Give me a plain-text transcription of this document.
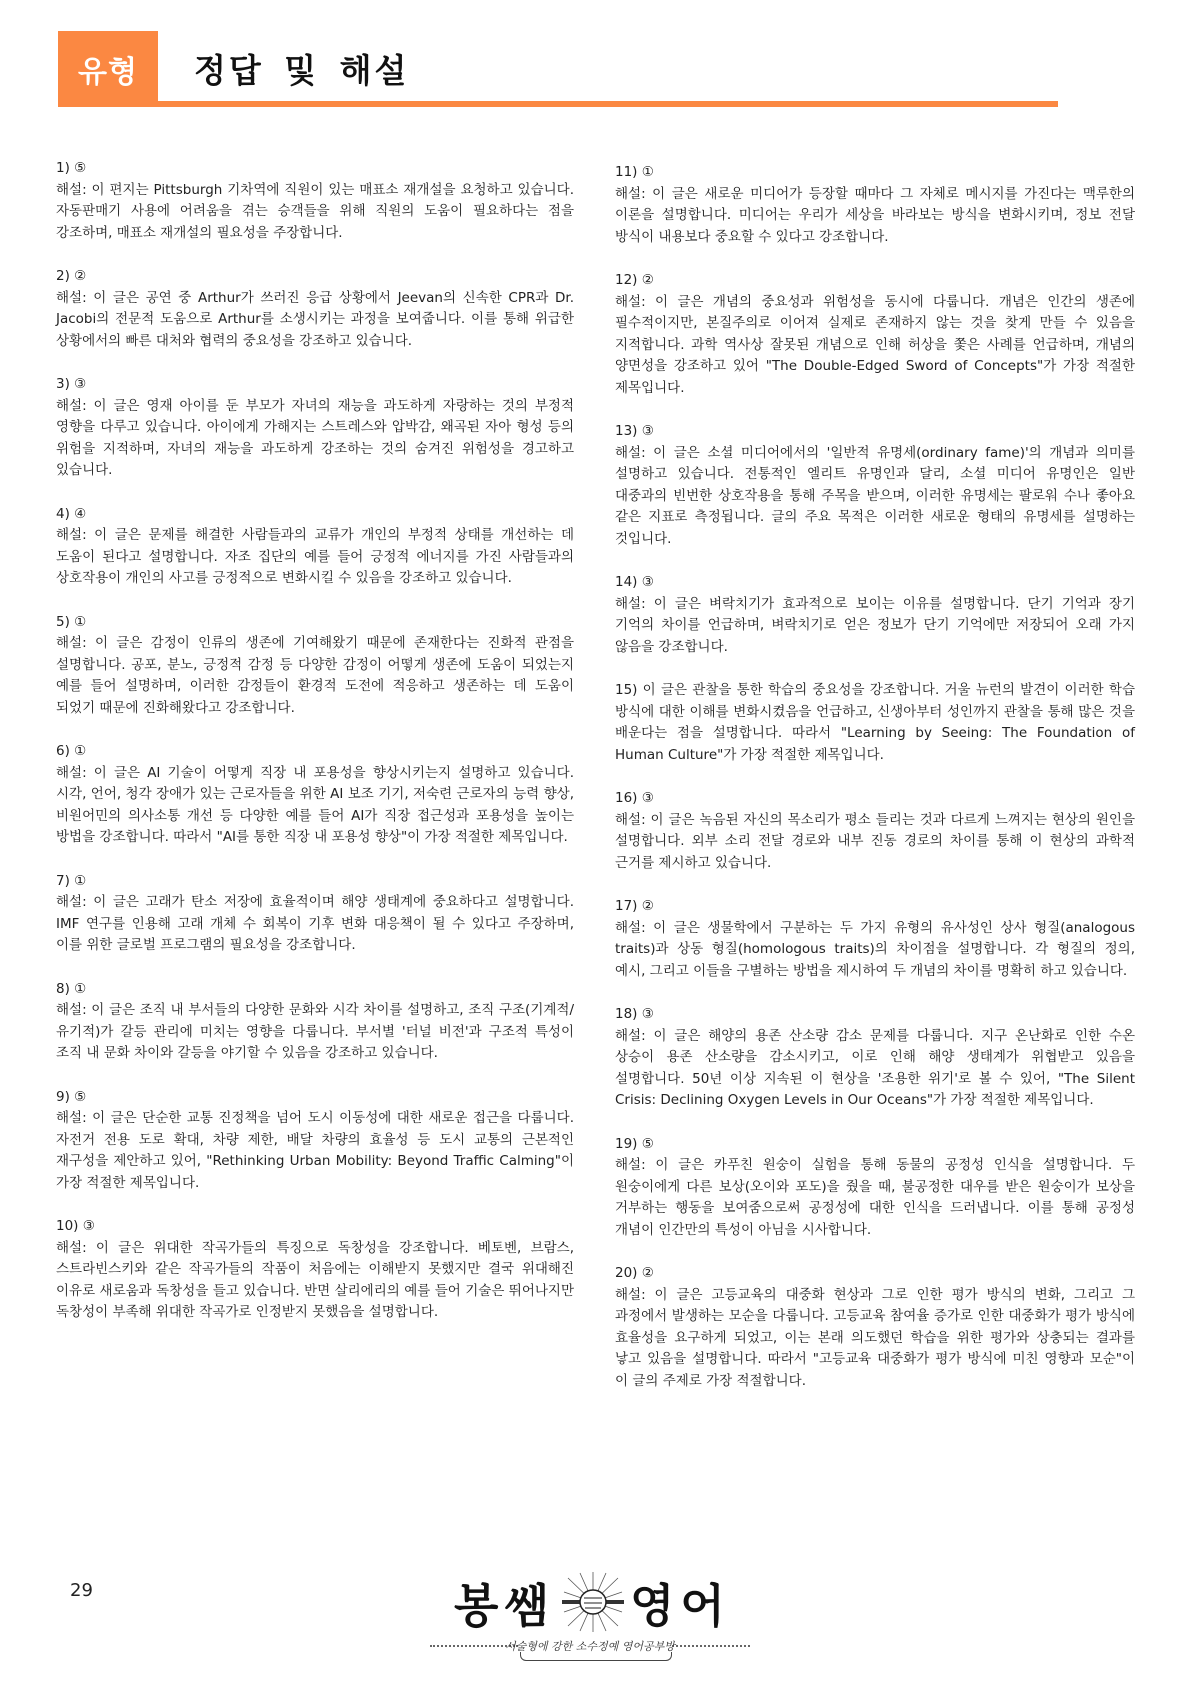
유형	정답 및 해설
1) ⑤
해설: 이 편지는 Pittsburgh 기차역에 직원이 있는 매표소 재개설을 요청하고 있습니다. 자동판매기 사용에 어려움을 겪는 승객들을 위해 직원의 도움이 필요하다는 점을 강조하며, 매표소 재개설의 필요성을 주장합니다.
2) ②
해설: 이 글은 공연 중 Arthur가 쓰러진 응급 상황에서 Jeevan의 신속한 CPR과 Dr. Jacobi의 전문적 도움으로 Arthur를 소생시키는 과정을 보여줍니다. 이를 통해 위급한 상황에서의 빠른 대처와 협력의 중요성을 강조하고 있습니다.
3) ③
해설: 이 글은 영재 아이를 둔 부모가 자녀의 재능을 과도하게 자랑하는 것의 부정적 영향을 다루고 있습니다. 아이에게 가해지는 스트레스와 압박감, 왜곡된 자아 형성 등의 위험을 지적하며, 자녀의 재능을 과도하게 강조하는 것의 숨겨진 위험성을 경고하고 있습니다.
4) ④
해설: 이 글은 문제를 해결한 사람들과의 교류가 개인의 부정적 상태를 개선하는 데 도움이 된다고 설명합니다. 자조 집단의 예를 들어 긍정적 에너지를 가진 사람들과의 상호작용이 개인의 사고를 긍정적으로 변화시킬 수 있음을 강조하고 있습니다.
5) ①
해설: 이 글은 감정이 인류의 생존에 기여해왔기 때문에 존재한다는 진화적 관점을 설명합니다. 공포, 분노, 긍정적 감정 등 다양한 감정이 어떻게 생존에 도움이 되었는지 예를 들어 설명하며, 이러한 감정들이 환경적 도전에 적응하고 생존하는 데 도움이 되었기 때문에 진화해왔다고 강조합니다.
6) ①
해설: 이 글은 AI 기술이 어떻게 직장 내 포용성을 향상시키는지 설명하고 있습니다. 시각, 언어, 청각 장애가 있는 근로자들을 위한 AI 보조 기기, 저숙련 근로자의 능력 향상, 비원어민의 의사소통 개선 등 다양한 예를 들어 AI가 직장 접근성과 포용성을 높이는 방법을 강조합니다. 따라서 "AI를 통한 직장 내 포용성 향상"이 가장 적절한 제목입니다.
7) ①
해설: 이 글은 고래가 탄소 저장에 효율적이며 해양 생태계에 중요하다고 설명합니다. IMF 연구를 인용해 고래 개체 수 회복이 기후 변화 대응책이 될 수 있다고 주장하며, 이를 위한 글로벌 프로그램의 필요성을 강조합니다.
8) ①
해설: 이 글은 조직 내 부서들의 다양한 문화와 시각 차이를 설명하고, 조직 구조(기계적/유기적)가 갈등 관리에 미치는 영향을 다룹니다. 부서별 '터널 비전'과 구조적 특성이 조직 내 문화 차이와 갈등을 야기할 수 있음을 강조하고 있습니다.
9) ⑤
해설: 이 글은 단순한 교통 진정책을 넘어 도시 이동성에 대한 새로운 접근을 다룹니다. 자전거 전용 도로 확대, 차량 제한, 배달 차량의 효율성 등 도시 교통의 근본적인 재구성을 제안하고 있어, "Rethinking Urban Mobility: Beyond Traffic Calming"이 가장 적절한 제목입니다.
10) ③
해설: 이 글은 위대한 작곡가들의 특징으로 독창성을 강조합니다. 베토벤, 브람스, 스트라빈스키와 같은 작곡가들의 작품이 처음에는 이해받지 못했지만 결국 위대해진 이유로 새로움과 독창성을 들고 있습니다. 반면 살리에리의 예를 들어 기술은 뛰어나지만 독창성이 부족해 위대한 작곡가로 인정받지 못했음을 설명합니다.
11) ①
해설: 이 글은 새로운 미디어가 등장할 때마다 그 자체로 메시지를 가진다는 맥루한의 이론을 설명합니다. 미디어는 우리가 세상을 바라보는 방식을 변화시키며, 정보 전달 방식이 내용보다 중요할 수 있다고 강조합니다.
12) ②
해설: 이 글은 개념의 중요성과 위험성을 동시에 다룹니다. 개념은 인간의 생존에 필수적이지만, 본질주의로 이어져 실제로 존재하지 않는 것을 찾게 만들 수 있음을 지적합니다. 과학 역사상 잘못된 개념으로 인해 허상을 쫓은 사례를 언급하며, 개념의 양면성을 강조하고 있어 "The Double-Edged Sword of Concepts"가 가장 적절한 제목입니다.
13) ③
해설: 이 글은 소셜 미디어에서의 '일반적 유명세(ordinary fame)'의 개념과 의미를 설명하고 있습니다. 전통적인 엘리트 유명인과 달리, 소셜 미디어 유명인은 일반 대중과의 빈번한 상호작용을 통해 주목을 받으며, 이러한 유명세는 팔로워 수나 좋아요 같은 지표로 측정됩니다. 글의 주요 목적은 이러한 새로운 형태의 유명세를 설명하는 것입니다.
14) ③
해설: 이 글은 벼락치기가 효과적으로 보이는 이유를 설명합니다. 단기 기억과 장기 기억의 차이를 언급하며, 벼락치기로 얻은 정보가 단기 기억에만 저장되어 오래 가지 않음을 강조합니다.
15) 이 글은 관찰을 통한 학습의 중요성을 강조합니다. 거울 뉴런의 발견이 이러한 학습 방식에 대한 이해를 변화시켰음을 언급하고, 신생아부터 성인까지 관찰을 통해 많은 것을 배운다는 점을 설명합니다. 따라서 "Learning by Seeing: The Foundation of Human Culture"가 가장 적절한 제목입니다.
16) ③
해설: 이 글은 녹음된 자신의 목소리가 평소 들리는 것과 다르게 느껴지는 현상의 원인을 설명합니다. 외부 소리 전달 경로와 내부 진동 경로의 차이를 통해 이 현상의 과학적 근거를 제시하고 있습니다.
17) ②
해설: 이 글은 생물학에서 구분하는 두 가지 유형의 유사성인 상사 형질(analogous traits)과 상동 형질(homologous traits)의 차이점을 설명합니다. 각 형질의 정의, 예시, 그리고 이들을 구별하는 방법을 제시하여 두 개념의 차이를 명확히 하고 있습니다.
18) ③
해설: 이 글은 해양의 용존 산소량 감소 문제를 다룹니다. 지구 온난화로 인한 수온 상승이 용존 산소량을 감소시키고, 이로 인해 해양 생태계가 위협받고 있음을 설명합니다. 50년 이상 지속된 이 현상을 '조용한 위기'로 볼 수 있어, "The Silent Crisis: Declining Oxygen Levels in Our Oceans"가 가장 적절한 제목입니다.
19) ⑤
해설: 이 글은 카푸친 원숭이 실험을 통해 동물의 공정성 인식을 설명합니다. 두 원숭이에게 다른 보상(오이와 포도)을 줬을 때, 불공정한 대우를 받은 원숭이가 보상을 거부하는 행동을 보여줌으로써 공정성에 대한 인식을 드러냅니다. 이를 통해 공정성 개념이 인간만의 특성이 아님을 시사합니다.
20) ②
해설: 이 글은 고등교육의 대중화 현상과 그로 인한 평가 방식의 변화, 그리고 그 과정에서 발생하는 모순을 다룹니다. 고등교육 참여율 증가로 인한 대중화가 평가 방식에 효율성을 요구하게 되었고, 이는 본래 의도했던 학습을 위한 평가와 상충되는 결과를 낳고 있음을 설명합니다. 따라서 "고등교육 대중화가 평가 방식에 미친 영향과 모순"이 이 글의 주제로 가장 적절합니다.
29	봉쌤 영어
서술형에 강한 소수정예 영어공부방
